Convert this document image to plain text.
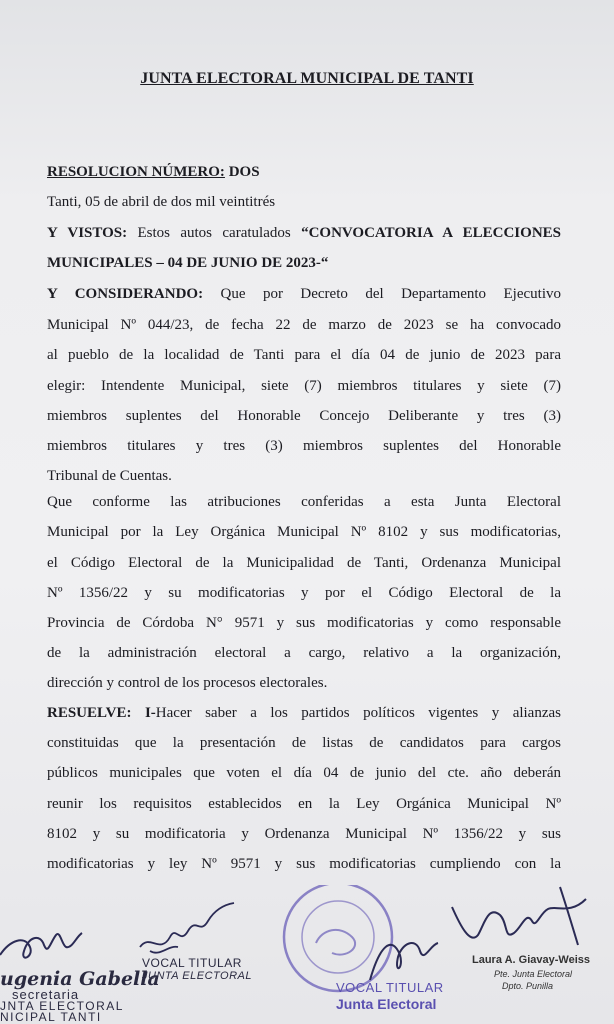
JUNTA ELECTORAL MUNICIPAL DE TANTI
RESOLUCION NÚMERO: DOS
Tanti, 05 de abril de dos mil veintitrés
Y VISTOS: Estos autos caratulados “CONVOCATORIA A ELECCIONES
MUNICIPALES – 04 DE JUNIO DE 2023-“
Y CONSIDERANDO: Que por Decreto del Departamento Ejecutivo
Municipal Nº 044/23, de fecha 22 de marzo de 2023 se ha convocado
al pueblo de la localidad de Tanti para el día 04 de junio de 2023 para
elegir: Intendente Municipal, siete (7) miembros titulares y siete (7)
miembros suplentes del Honorable Concejo Deliberante y tres (3)
miembros titulares y tres (3) miembros suplentes del Honorable
Tribunal de Cuentas.
Que conforme las atribuciones conferidas a esta Junta Electoral
Municipal por la Ley Orgánica Municipal Nº 8102 y sus modificatorias,
el Código Electoral de la Municipalidad de Tanti, Ordenanza Municipal
Nº 1356/22 y su modificatorias y por el Código Electoral de la
Provincia de Córdoba N° 9571 y sus modificatorias y como responsable
de la administración electoral a cargo, relativo a la organización,
dirección y control de los procesos electorales.
RESUELVE: I-Hacer saber a los partidos políticos vigentes y alianzas
constituidas que la presentación de listas de candidatos para cargos
públicos municipales que voten el día 04 de junio del cte. año deberán
reunir los requisitos establecidos en la Ley Orgánica Municipal Nº
8102 y su modificatoria y Ordenanza Municipal Nº 1356/22 y sus
modificatorias y ley Nº 9571 y sus modificatorias cumpliendo con la
ugenia Gabella
secretaria
JNTA ELECTORAL
NICIPAL TANTI
VOCAL TITULAR
JUNTA ELECTORAL
VOCAL TITULAR
Junta Electoral
Laura A. Giavay-Weiss
Pte. Junta Electoral
Dpto. Punilla
